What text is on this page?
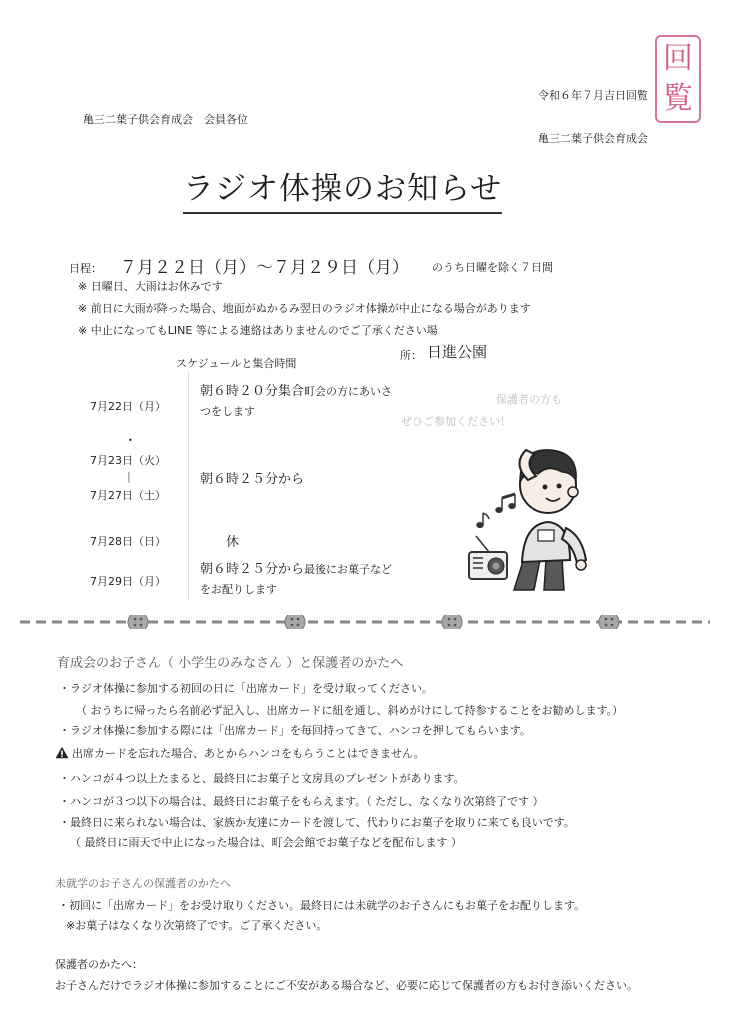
回
覧
令和６年７月吉日回覧
亀三二葉子供会育成会　会員各位
亀三二葉子供会育成会
ラジオ体操のお知らせ
日程： ７月２２日（月）～７月２９日（月） のうち日曜を除く７日間
※ 日曜日、大雨はお休みです
※ 前日に大雨が降った場合、地面がぬかるみ翌日のラジオ体操が中止になる場合があります
※ 中止になってもLINE 等による連絡はありませんのでご了承ください場
所： 日進公園
スケジュールと集合時間
7月22日（月）
朝６時２０分集合町会の方にあいさつをします
•
7月23日（火）
|
7月27日（土）
朝６時２５分から
7月28日（日）	休
7月29日（月）
朝６時２５分から最後にお菓子などをお配りします
保護者の方も
ぜひご参加ください！
育成会のお子さん（ 小学生のみなさん ）と保護者のかたへ
・ラジオ体操に参加する初回の日に「出席カード」を受け取ってください。
（ おうちに帰ったら名前必ず記入し、出席カードに紐を通し、斜めがけにして持参することをお勧めします。）
・ラジオ体操に参加する際には「出席カード」を毎回持ってきて、ハンコを押してもらいます。
出席カードを忘れた場合、あとからハンコをもらうことはできません。
・ハンコが４つ以上たまると、最終日にお菓子と文房具のプレゼントがあります。
・ハンコが３つ以下の場合は、最終日にお菓子をもらえます。（ ただし、なくなり次第終了です ）
・最終日に来られない場合は、家族か友達にカードを渡して、代わりにお菓子を取りに来ても良いです。
（ 最終日に雨天で中止になった場合は、町会会館でお菓子などを配布します ）
未就学のお子さんの保護者のかたへ
・初回に「出席カード」をお受け取りください。最終日には未就学のお子さんにもお菓子をお配りします。
※お菓子はなくなり次第終了です。ご了承ください。
保護者のかたへ：
お子さんだけでラジオ体操に参加することにご不安がある場合など、必要に応じて保護者の方もお付き添いください。
